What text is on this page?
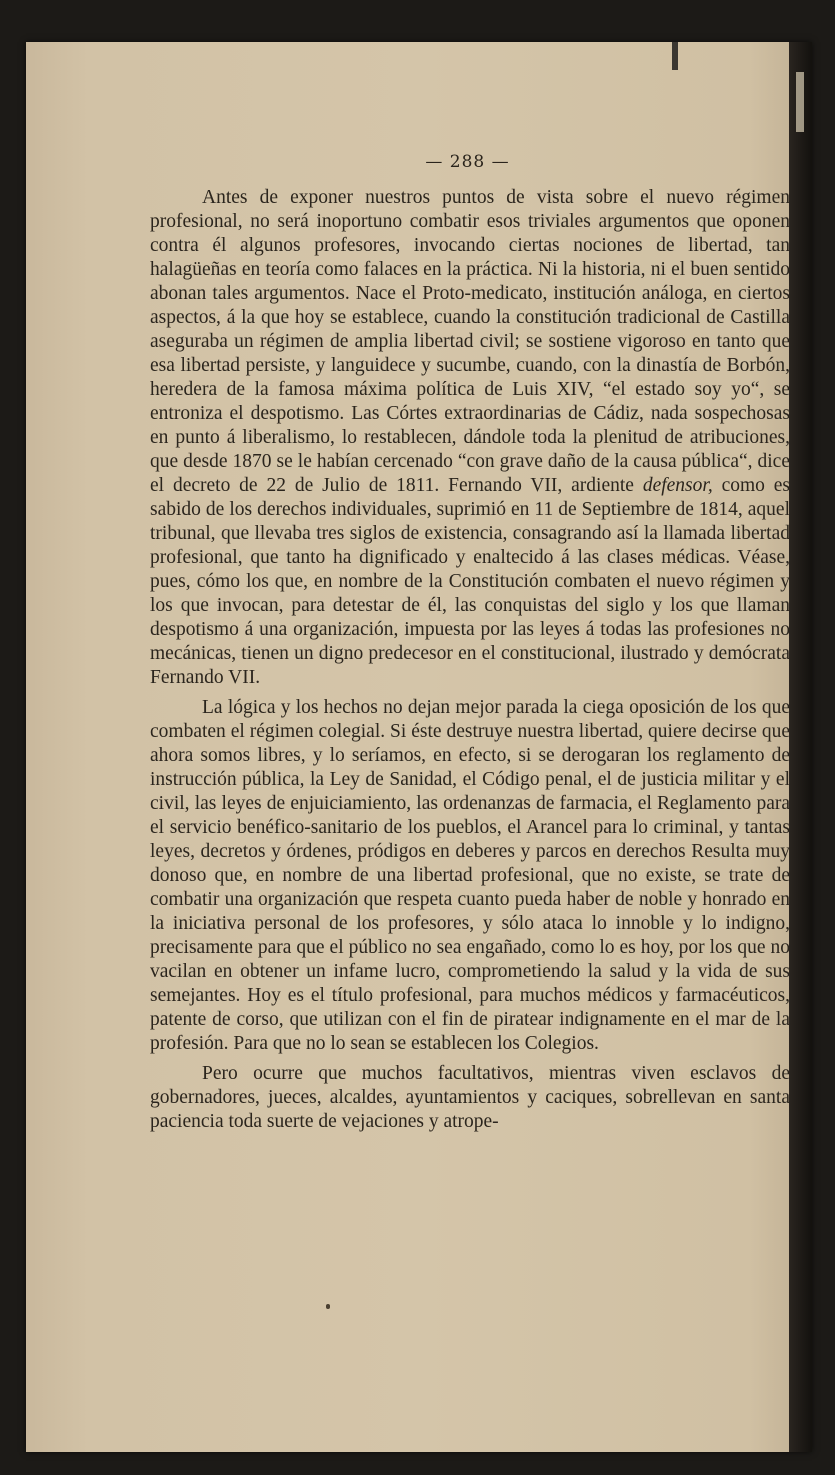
— 288 —

Antes de exponer nuestros puntos de vista sobre el nuevo régimen profesional, no será inoportuno combatir esos triviales argumentos que oponen contra él algunos profesores, invocando ciertas nociones de libertad, tan halagüeñas en teoría como falaces en la práctica. Ni la historia, ni el buen sentido abonan tales argumentos. Nace el Proto-medicato, institución análoga, en ciertos aspectos, á la que hoy se establece, cuando la constitución tradicional de Castilla aseguraba un régimen de amplia libertad civil; se sostiene vigoroso en tanto que esa libertad persiste, y languidece y sucumbe, cuando, con la dinastía de Borbón, heredera de la famosa máxima política de Luis XIV, “el estado soy yo“, se entroniza el despotismo. Las Córtes extraordinarias de Cádiz, nada sospechosas en punto á liberalismo, lo restablecen, dándole toda la plenitud de atribuciones, que desde 1870 se le habían cercenado “con grave daño de la causa pública“, dice el decreto de 22 de Julio de 1811. Fernando VII, ardiente defensor, como es sabido de los derechos individuales, suprimió en 11 de Septiembre de 1814, aquel tribunal, que llevaba tres siglos de existencia, consagrando así la llamada libertad profesional, que tanto ha dignificado y enaltecido á las clases médicas. Véase, pues, cómo los que, en nombre de la Constitución combaten el nuevo régimen y los que invocan, para detestar de él, las conquistas del siglo y los que llaman despotismo á una organización, impuesta por las leyes á todas las profesiones no mecánicas, tienen un digno predecesor en el constitucional, ilustrado y demócrata Fernando VII.

La lógica y los hechos no dejan mejor parada la ciega oposición de los que combaten el régimen colegial. Si éste destruye nuestra libertad, quiere decirse que ahora somos libres, y lo seríamos, en efecto, si se derogaran los reglamento de instrucción pública, la Ley de Sanidad, el Código penal, el de justicia militar y el civil, las leyes de enjuiciamiento, las ordenanzas de farmacia, el Reglamento para el servicio benéfico-sanitario de los pueblos, el Arancel para lo criminal, y tantas leyes, decretos y órdenes, pródigos en deberes y parcos en derechos Resulta muy donoso que, en nombre de una libertad profesional, que no existe, se trate de combatir una organización que respeta cuanto pueda haber de noble y honrado en la iniciativa personal de los profesores, y sólo ataca lo innoble y lo indigno, precisamente para que el público no sea engañado, como lo es hoy, por los que no vacilan en obtener un infame lucro, comprometiendo la salud y la vida de sus semejantes. Hoy es el título profesional, para muchos médicos y farmacéuticos, patente de corso, que utilizan con el fin de piratear indignamente en el mar de la profesión. Para que no lo sean se establecen los Colegios.

Pero ocurre que muchos facultativos, mientras viven esclavos de gobernadores, jueces, alcaldes, ayuntamientos y caciques, sobrellevan en santa paciencia toda suerte de vejaciones y atrope-
